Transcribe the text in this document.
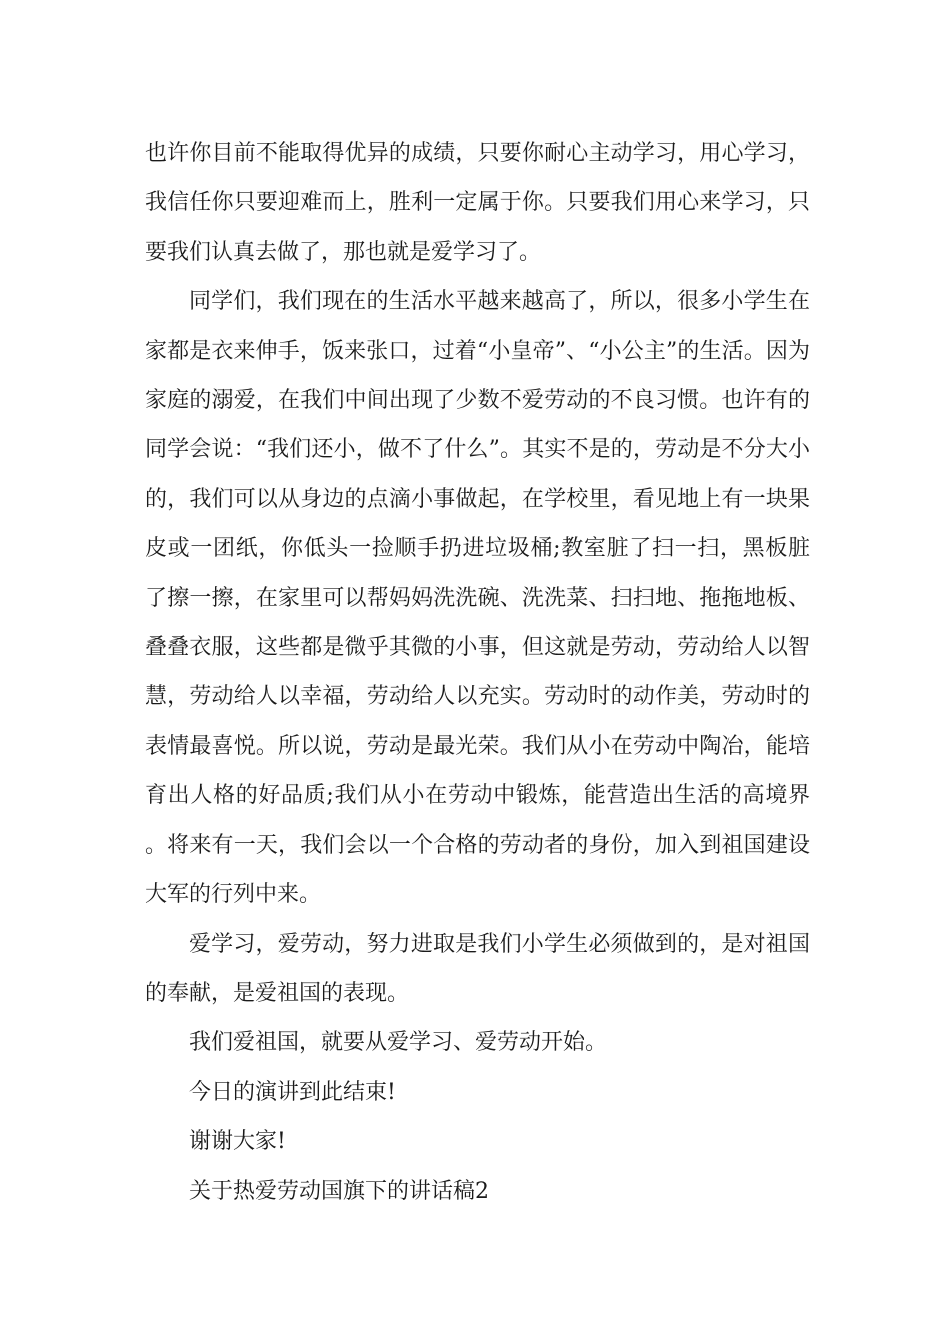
也许你目前不能取得优异的成绩，只要你耐心主动学习，用心学习，我信任你只要迎难而上，胜利一定属于你。只要我们用心来学习，只要我们认真去做了，那也就是爱学习了。

同学们，我们现在的生活水平越来越高了，所以，很多小学生在家都是衣来伸手，饭来张口，过着“小皇帝”、“小公主”的生活。因为家庭的溺爱，在我们中间出现了少数不爱劳动的不良习惯。也许有的同学会说：“我们还小，做不了什么”。其实不是的，劳动是不分大小的，我们可以从身边的点滴小事做起，在学校里，看见地上有一块果皮或一团纸，你低头一捡顺手扔进垃圾桶;教室脏了扫一扫，黑板脏了擦一擦，在家里可以帮妈妈洗洗碗、洗洗菜、扫扫地、拖拖地板、叠叠衣服，这些都是微乎其微的小事，但这就是劳动，劳动给人以智慧，劳动给人以幸福，劳动给人以充实。劳动时的动作美，劳动时的表情最喜悦。所以说，劳动是最光荣。我们从小在劳动中陶冶，能培育出人格的好品质;我们从小在劳动中锻炼，能营造出生活的高境界。将来有一天，我们会以一个合格的劳动者的身份，加入到祖国建设大军的行列中来。

爱学习，爱劳动，努力进取是我们小学生必须做到的，是对祖国的奉献，是爱祖国的表现。

我们爱祖国，就要从爱学习、爱劳动开始。

今日的演讲到此结束!

谢谢大家!

关于热爱劳动国旗下的讲话稿2
